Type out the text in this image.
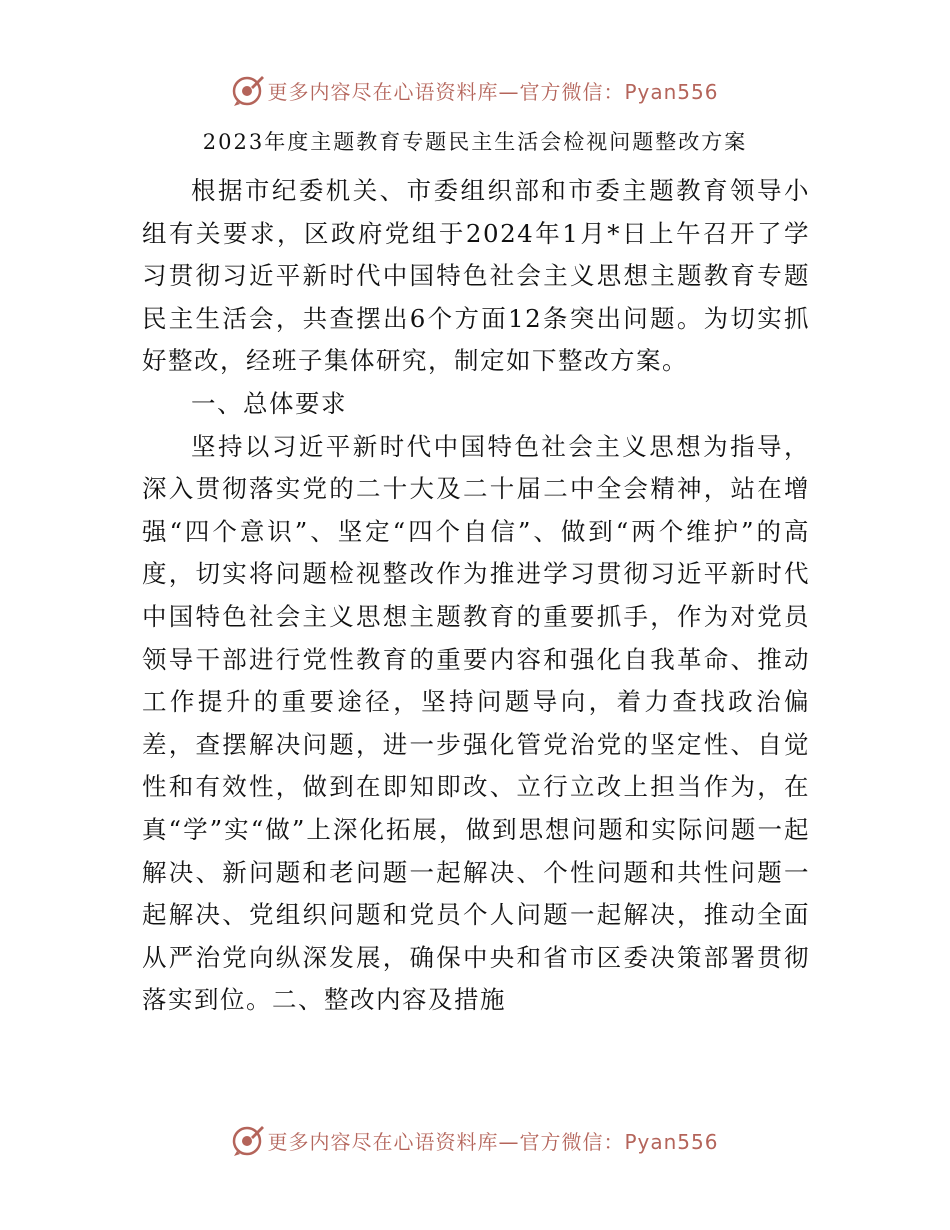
更多内容尽在心语资料库—官方微信：Pyan556
2023年度主题教育专题民主生活会检视问题整改方案

根据市纪委机关、市委组织部和市委主题教育领导小组有关要求，区政府党组于2024年1月*日上午召开了学习贯彻习近平新时代中国特色社会主义思想主题教育专题民主生活会，共查摆出6个方面12条突出问题。为切实抓好整改，经班子集体研究，制定如下整改方案。

一、总体要求

坚持以习近平新时代中国特色社会主义思想为指导，深入贯彻落实党的二十大及二十届二中全会精神，站在增强“四个意识”、坚定“四个自信”、做到“两个维护”的高度，切实将问题检视整改作为推进学习贯彻习近平新时代中国特色社会主义思想主题教育的重要抓手，作为对党员领导干部进行党性教育的重要内容和强化自我革命、推动工作提升的重要途径，坚持问题导向，着力查找政治偏差，查摆解决问题，进一步强化管党治党的坚定性、自觉性和有效性，做到在即知即改、立行立改上担当作为，在真“学”实“做”上深化拓展，做到思想问题和实际问题一起解决、新问题和老问题一起解决、个性问题和共性问题一起解决、党组织问题和党员个人问题一起解决，推动全面从严治党向纵深发展，确保中央和省市区委决策部署贯彻落实到位。二、整改内容及措施

更多内容尽在心语资料库—官方微信：Pyan556
